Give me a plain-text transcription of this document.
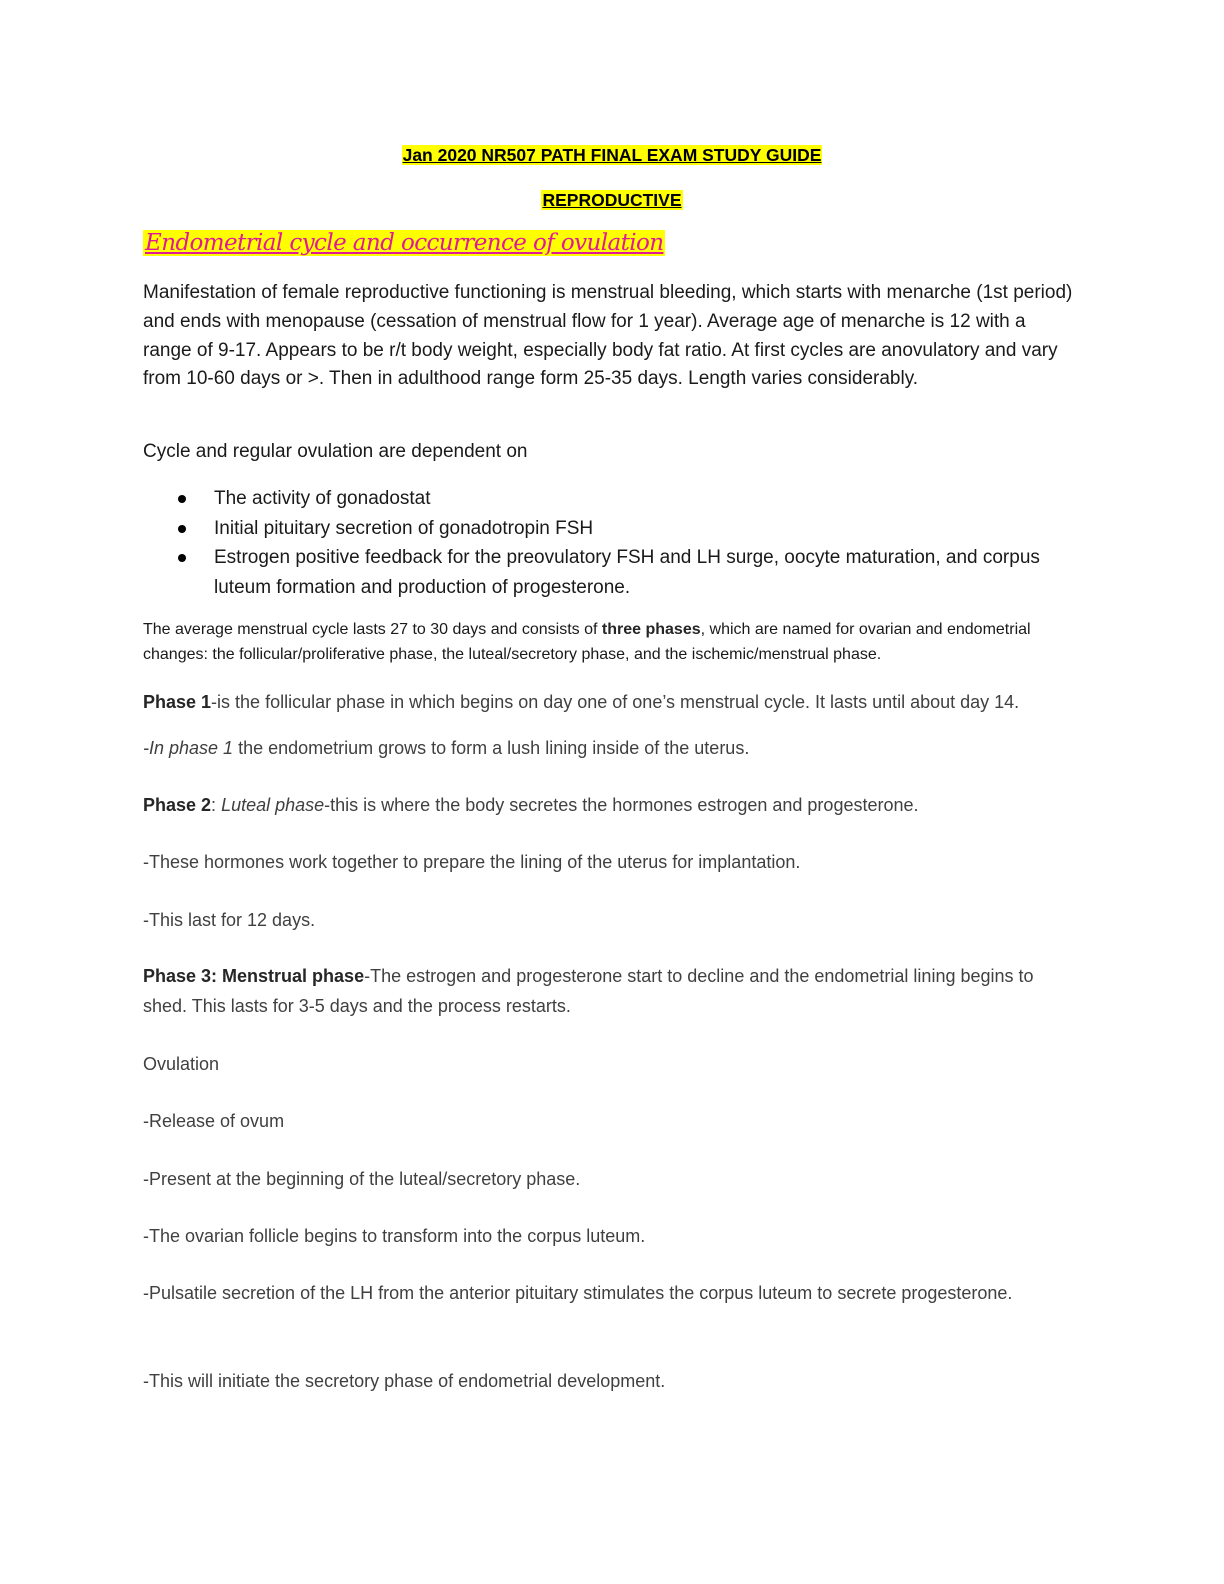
Jan 2020 NR507 PATH FINAL EXAM STUDY GUIDE
REPRODUCTIVE
Endometrial cycle and occurrence of ovulation

Manifestation of female reproductive functioning is menstrual bleeding, which starts with menarche (1st period) and ends with menopause (cessation of menstrual flow for 1 year). Average age of menarche is 12 with a range of 9-17. Appears to be r/t body weight, especially body fat ratio. At first cycles are anovulatory and vary from 10-60 days or >. Then in adulthood range form 25-35 days. Length varies considerably.

Cycle and regular ovulation are dependent on

The activity of gonadostat
Initial pituitary secretion of gonadotropin FSH
Estrogen positive feedback for the preovulatory FSH and LH surge, oocyte maturation, and corpus luteum formation and production of progesterone.

The average menstrual cycle lasts 27 to 30 days and consists of three phases, which are named for ovarian and endometrial changes: the follicular/proliferative phase, the luteal/secretory phase, and the ischemic/menstrual phase.

Phase 1-is the follicular phase in which begins on day one of one’s menstrual cycle. It lasts until about day 14.

-In phase 1 the endometrium grows to form a lush lining inside of the uterus.

Phase 2: Luteal phase-this is where the body secretes the hormones estrogen and progesterone.

-These hormones work together to prepare the lining of the uterus for implantation.

-This last for 12 days.

Phase 3: Menstrual phase-The estrogen and progesterone start to decline and the endometrial lining begins to shed. This lasts for 3-5 days and the process restarts.

Ovulation

-Release of ovum

-Present at the beginning of the luteal/secretory phase.

-The ovarian follicle begins to transform into the corpus luteum.

-Pulsatile secretion of the LH from the anterior pituitary stimulates the corpus luteum to secrete progesterone.

-This will initiate the secretory phase of endometrial development.
